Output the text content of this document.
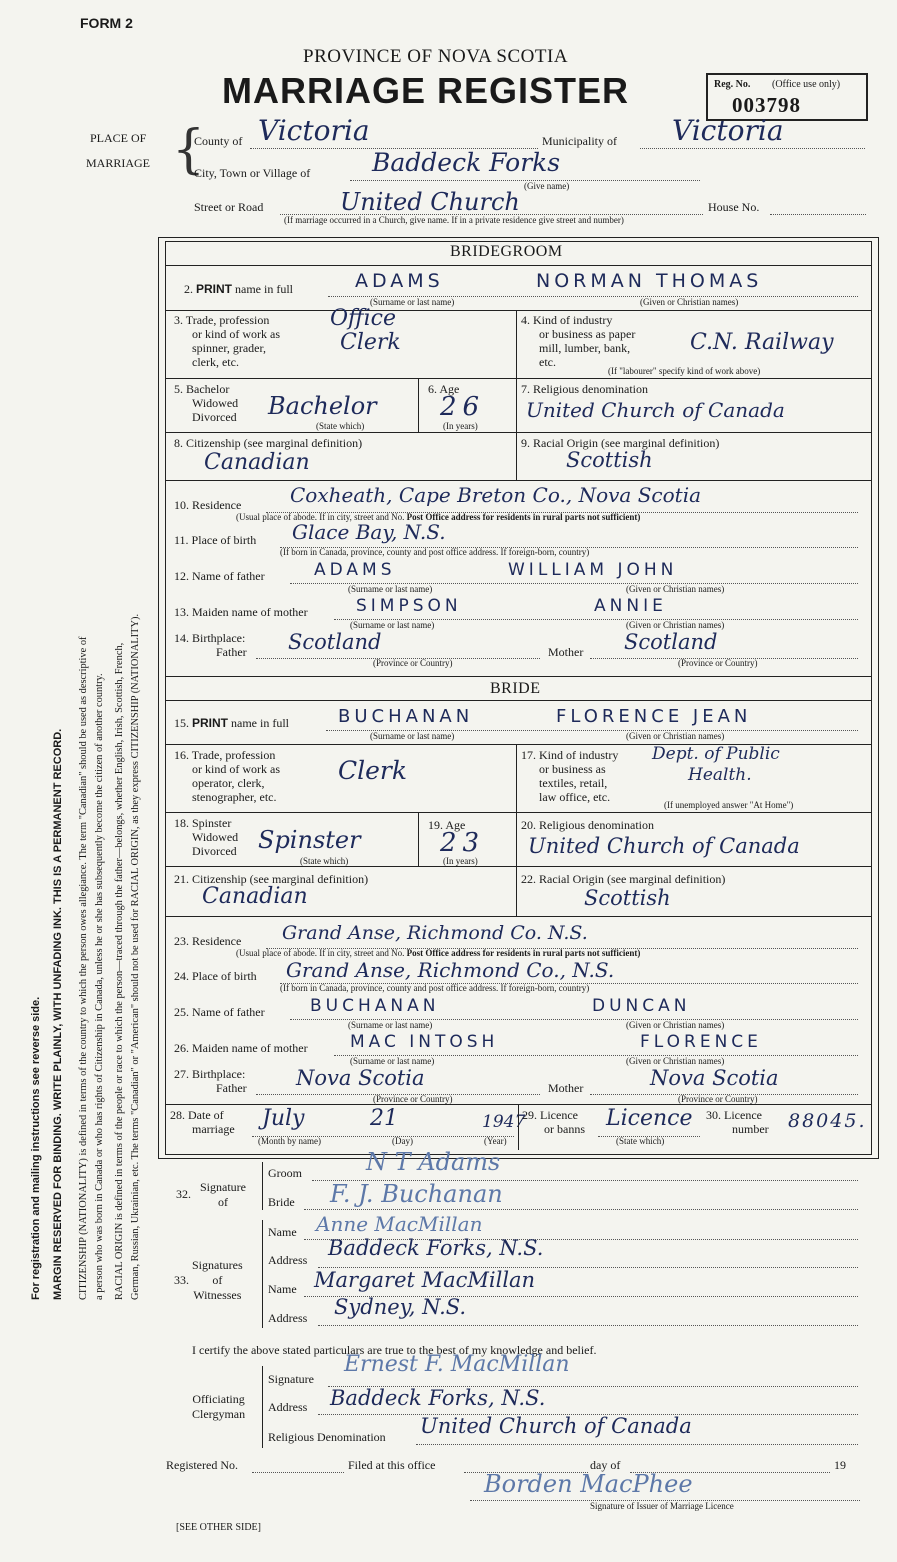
FORM 2
PROVINCE OF NOVA SCOTIA
MARRIAGE REGISTER	Reg. No. (Office use only)
003798
PLACE OF
MARRIAGE {
County of Victoria	Municipality of Victoria
City, Town or Village of Baddeck Forks
(Give name)
Street or Road	United Church	House No.
(If marriage occurred in a Church, give name. If in a private residence give street and number)
BRIDEGROOM
2. PRINT name in full	ADAMS	NORMAN THOMAS
(Surname or last name)	(Given or Christian names)
3. Trade, profession
or kind of work as
spinner, grader,
clerk, etc.
Office
Clerk
4. Kind of industry
or business as paper
mill, lumber, bank,
etc.
C.N. Railway
(If "labourer" specify kind of work above)
5. Bachelor
Widowed
Divorced Bachelor
(State which)
6. Age
26
(In years)
7. Religious denomination
United Church of Canada
8. Citizenship (see marginal definition)
Canadian
9. Racial Origin (see marginal definition)
Scottish
10. Residence Coxheath, Cape Breton Co., Nova Scotia
(Usual place of abode. If in city, street and No. Post Office address for residents in rural parts not sufficient)
11. Place of birth Glace Bay, N.S.
(If born in Canada, province, county and post office address. If foreign-born, country)
12. Name of father	ADAMS	WILLIAM JOHN
(Surname or last name)	(Given or Christian names)
13. Maiden name of mother	SIMPSON	ANNIE
(Surname or last name)	(Given or Christian names)
14. Birthplace:
Father Scotland	Mother Scotland
(Province or Country)	(Province or Country)
BRIDE
15. PRINT name in full	BUCHANAN	FLORENCE JEAN
(Surname or last name)	(Given or Christian names)
16. Trade, profession
or kind of work as
operator, clerk,
stenographer, etc.
Clerk
17. Kind of industry
or business as
textiles, retail,
law office, etc.
Dept. of Public
Health.
(If unemployed answer "At Home")
18. Spinster
Widowed
Divorced Spinster
(State which)
19. Age
23
(In years)
20. Religious denomination
United Church of Canada
21. Citizenship (see marginal definition)
Canadian
22. Racial Origin (see marginal definition)
Scottish
23. Residence Grand Anse, Richmond Co. N.S.
(Usual place of abode. If in city, street and No. Post Office address for residents in rural parts not sufficient)
24. Place of birth Grand Anse, Richmond Co., N.S.
(If born in Canada, province, county and post office address. If foreign-born, country)
25. Name of father	BUCHANAN	DUNCAN
(Surname or last name)	(Given or Christian names)
26. Maiden name of mother MAC INTOSH	FLORENCE
(Surname or last name)	(Given or Christian names)
27. Birthplace:
Father Nova Scotia	Mother	Nova Scotia
(Province or Country)	(Province or Country)
28. Date of
marriage July	21	1947
(Month by name)	(Day)	(Year)
29. Licence
or banns Licence
(State which)
30. Licence
number 88045.
32. Signature
of
Groom	N T Adams
Bride F. J. Buchanan
33.
Signatures
of
Witnesses
Name Anne MacMillan
Address Baddeck Forks, N.S.
Name Margaret MacMillan
Address Sydney, N.S.
I certify the above stated particulars are true to the best of my knowledge and belief.
Officiating
Clergyman
Signature
Ernest F. MacMillan
Address Baddeck Forks, N.S.
Religious Denomination United Church of Canada
Registered No.	Filed at this office	day of	19
Borden MacPhee
Signature of Issuer of Marriage Licence
[SEE OTHER SIDE]
For registration and mailing instructions see reverse side. MARGIN RESERVED FOR BINDING. WRITE PLAINLY, WITH UNFADING INK. THIS IS A PERMANENT RECORD. CITIZENSHIP (NATIONALITY) is defined in terms of the country to which the person owes allegiance. The term "Canadian" should be used as descriptive of a person who was born in Canada or who has rights of Citizenship in Canada, unless he or she has subsequently become the citizen of another country. RACIAL ORIGIN is defined in terms of the people or race to which the person—traced through the father—belongs, whether English, Irish, Scottish, French, German, Russian, Ukrainian, etc. The terms "Canadian" or "American" should not be used for RACIAL ORIGIN, as they express CITIZENSHIP (NATIONALITY).
